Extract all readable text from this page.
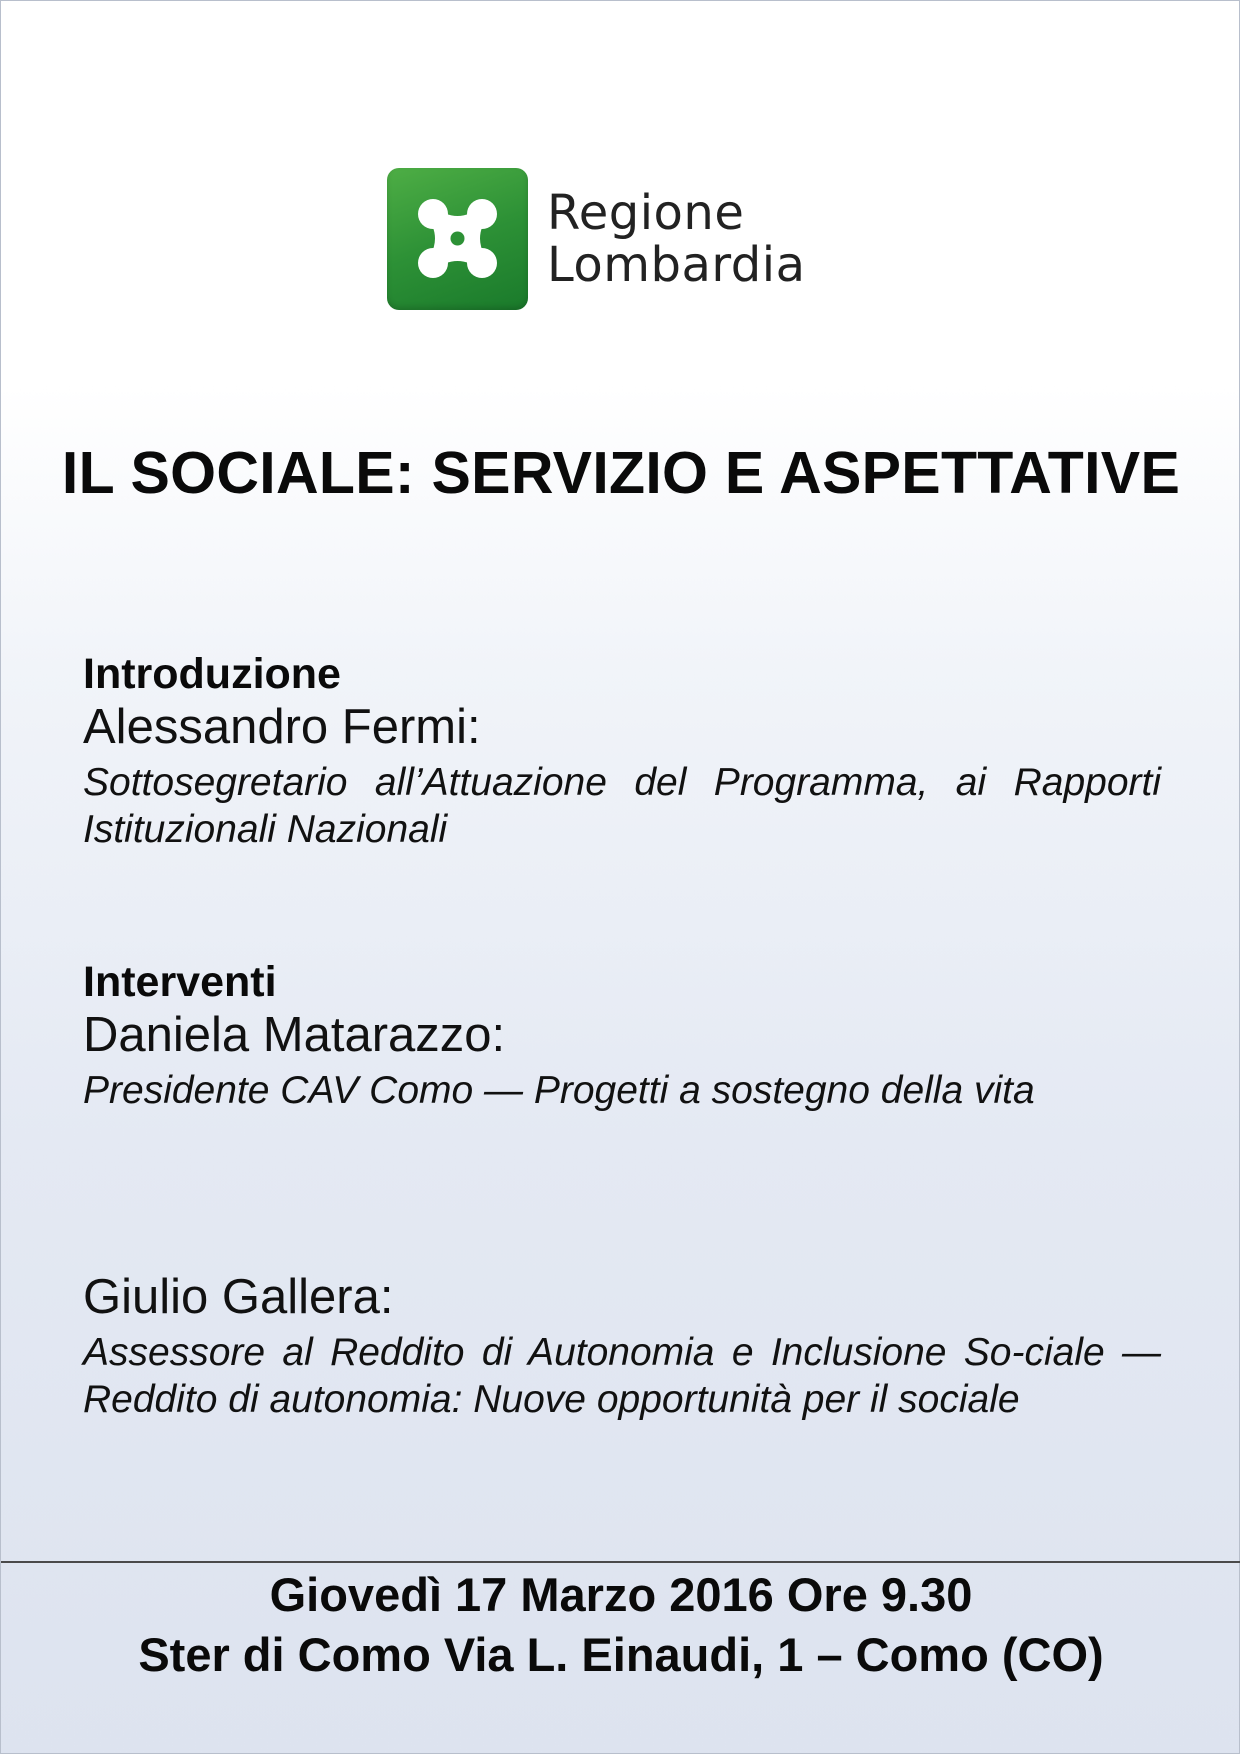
Regione
Lombardia
IL SOCIALE: SERVIZIO E ASPETTATIVE
Introduzione
Alessandro Fermi:
Sottosegretario all’Attuazione del Programma, ai Rapporti Istituzionali Nazionali
Interventi
Daniela Matarazzo:
Presidente CAV Como — Progetti a sostegno della vita
Giulio Gallera:
Assessore al Reddito di Autonomia e Inclusione So-ciale — Reddito di autonomia: Nuove opportunità per il sociale
Giovedì 17 Marzo 2016 Ore 9.30
Ster di Como Via L. Einaudi, 1 – Como (CO)
